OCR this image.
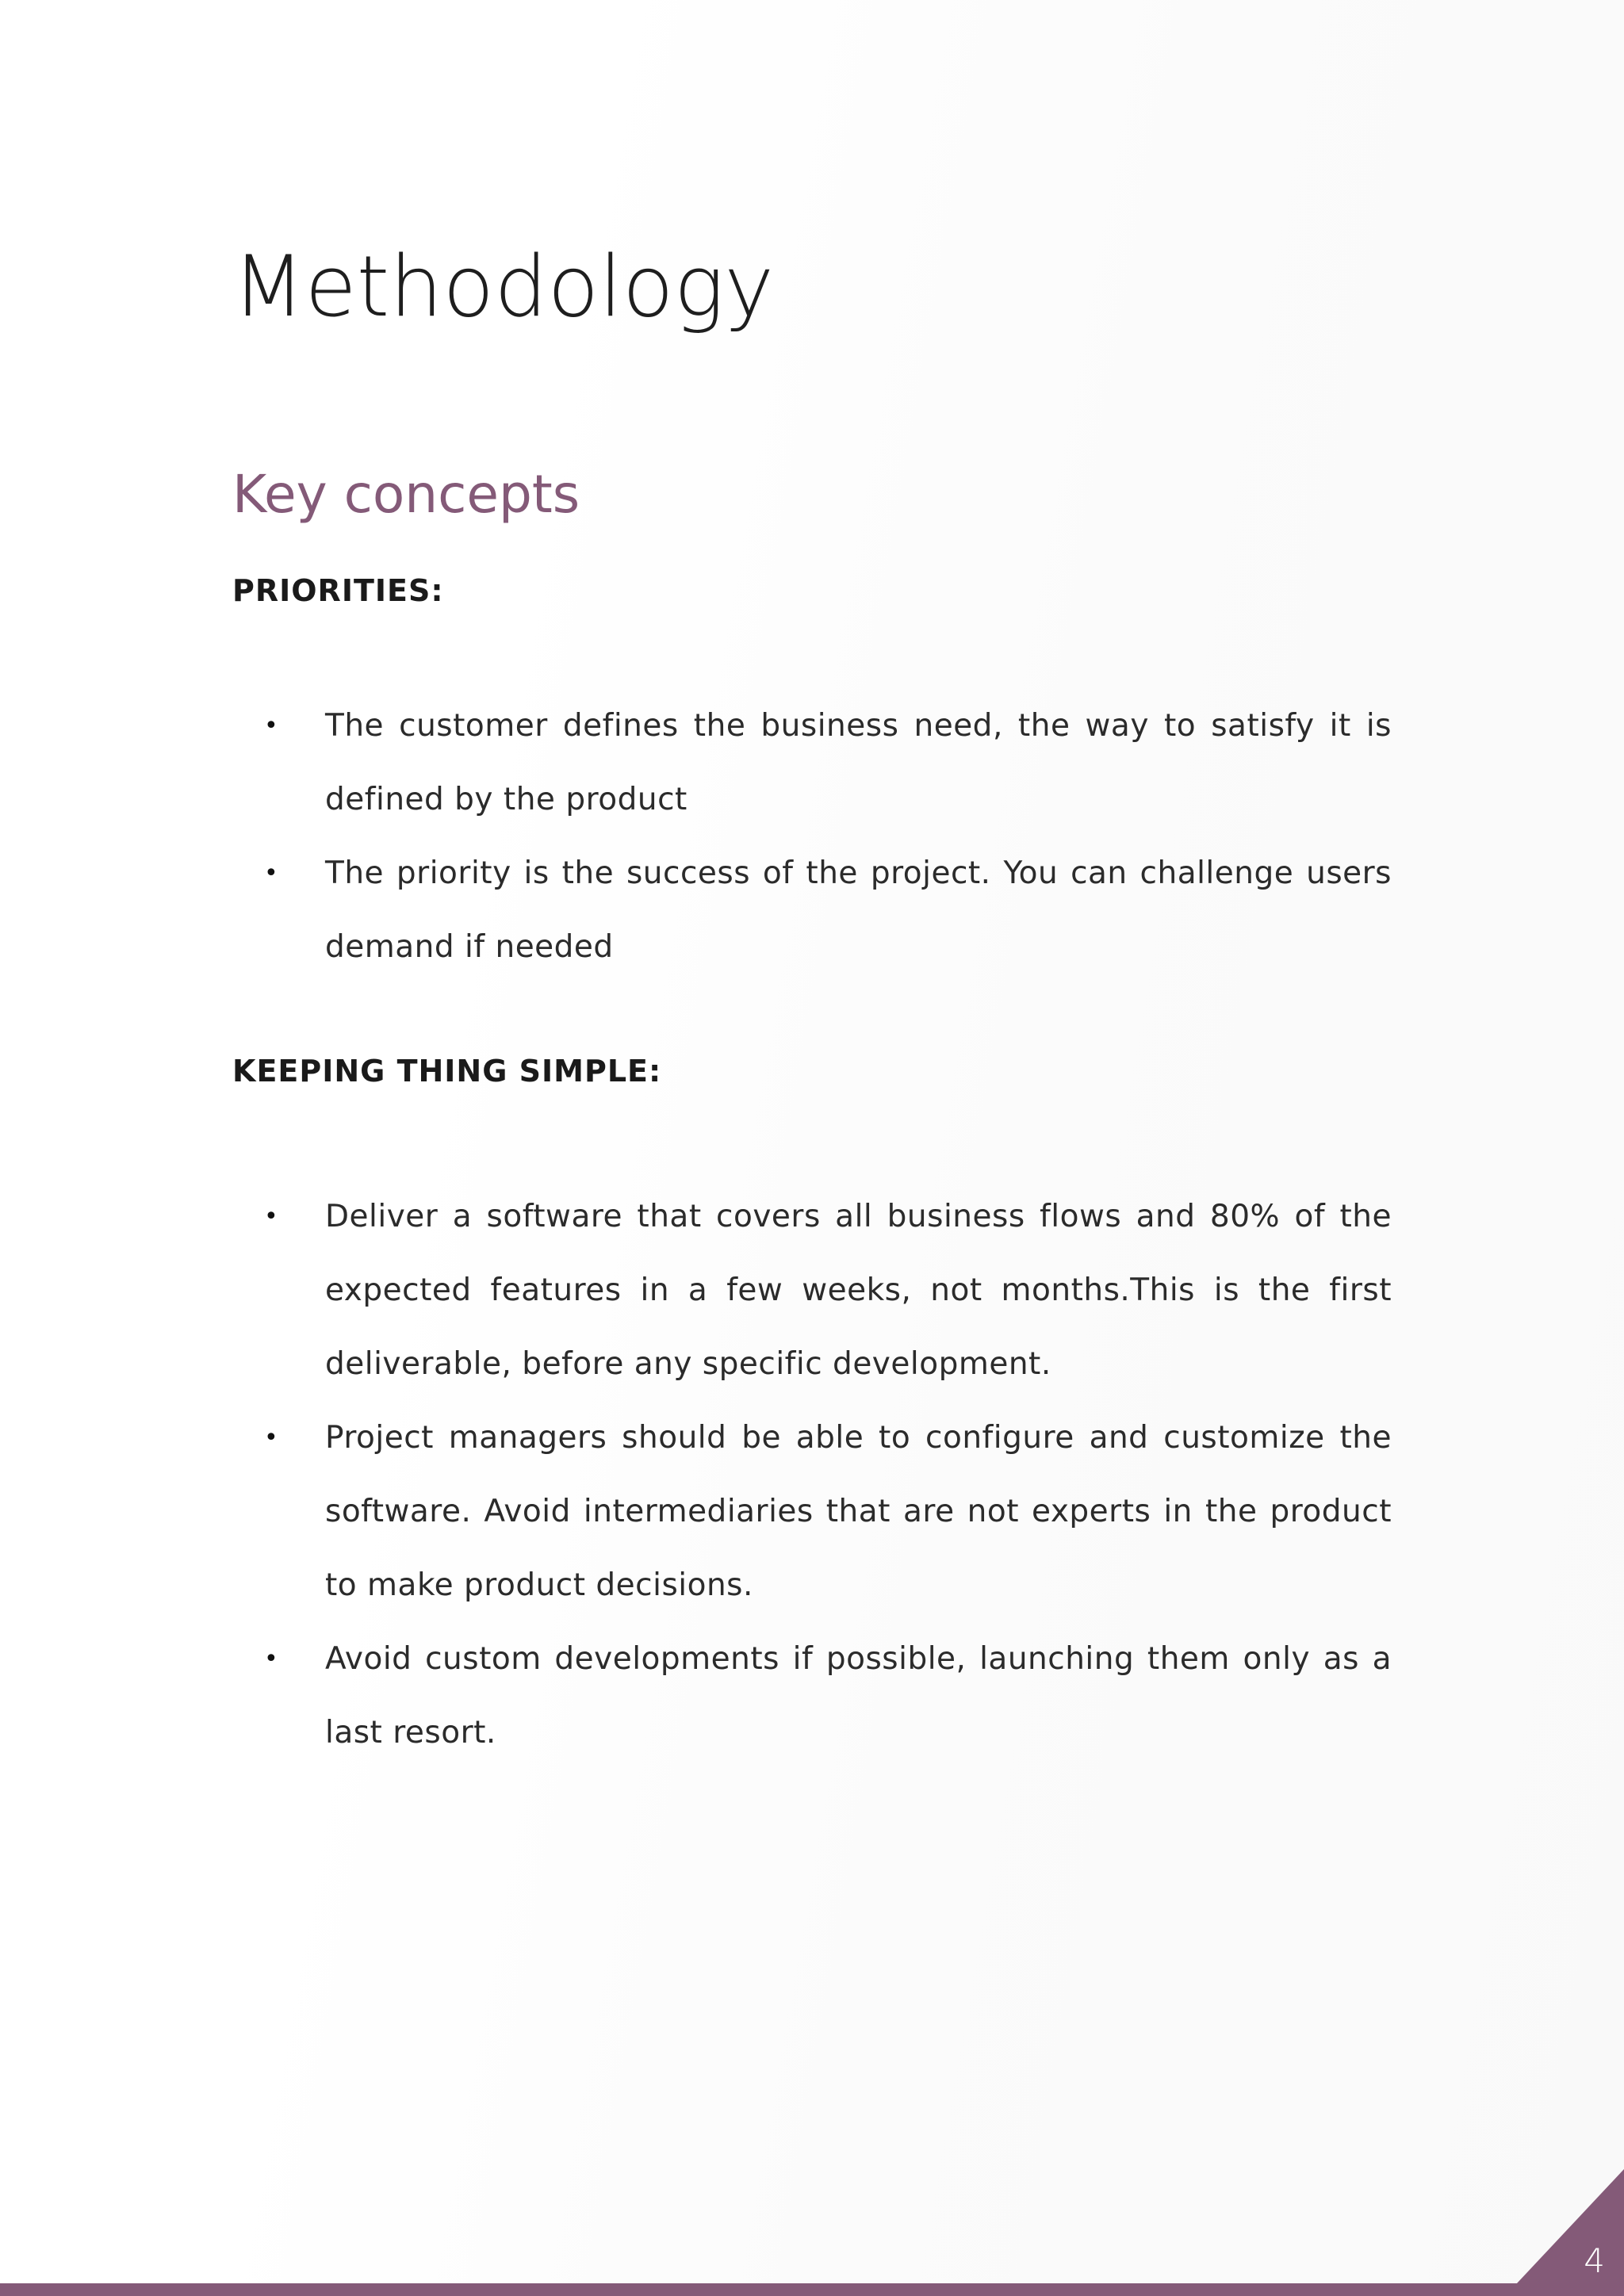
Methodology
Key concepts
PRIORITIES:
• The customer defines the business need, the way to satisfy it is defined by the product
• The priority is the success of the project. You can challenge users demand if needed
KEEPING THING SIMPLE:
• Deliver a software that covers all business flows and 80% of the expected features in a few weeks, not months.This is the first deliverable, before any specific development.
• Project managers should be able to configure and customize the software. Avoid intermediaries that are not experts in the product to make product decisions.
• Avoid custom developments if possible, launching them only as a last resort.
4
